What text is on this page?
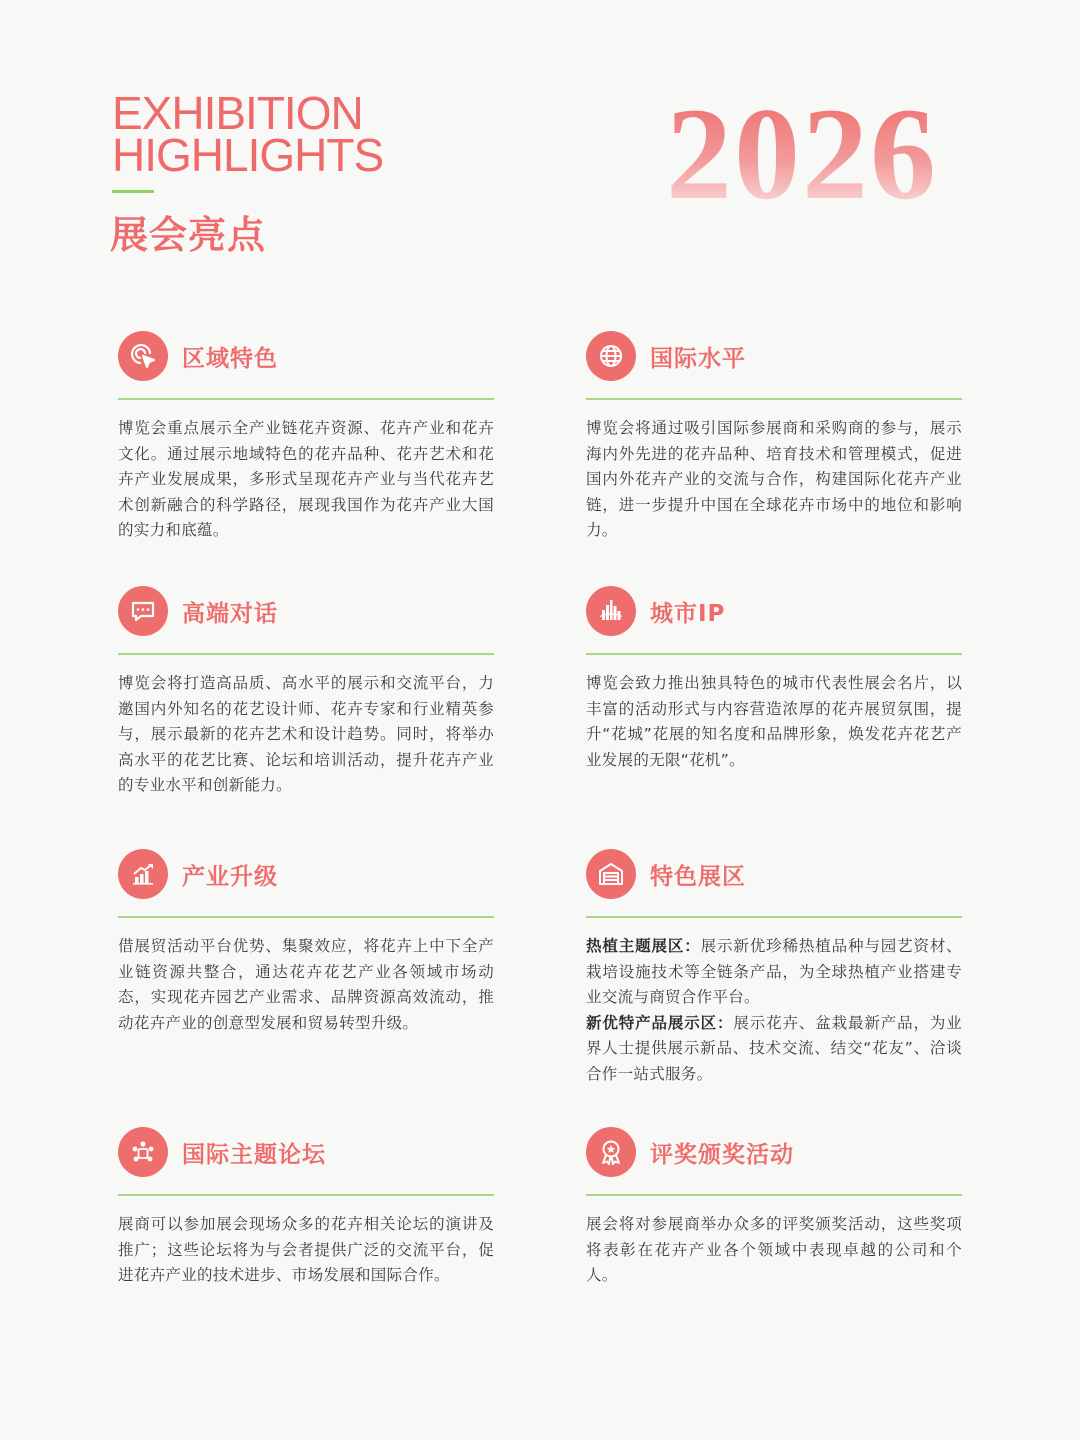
EXHIBITION
HIGHLIGHTS
展会亮点
2026
区域特色
博览会重点展示全产业链花卉资源、花卉产业和花卉文化。通过展示地域特色的花卉品种、花卉艺术和花卉产业发展成果，多形式呈现花卉产业与当代花卉艺术创新融合的科学路径，展现我国作为花卉产业大国的实力和底蕴。
国际水平
博览会将通过吸引国际参展商和采购商的参与，展示海内外先进的花卉品种、培育技术和管理模式，促进国内外花卉产业的交流与合作，构建国际化花卉产业链，进一步提升中国在全球花卉市场中的地位和影响力。
高端对话
博览会将打造高品质、高水平的展示和交流平台，力邀国内外知名的花艺设计师、花卉专家和行业精英参与，展示最新的花卉艺术和设计趋势。同时，将举办高水平的花艺比赛、论坛和培训活动，提升花卉产业的专业水平和创新能力。
城市IP
博览会致力推出独具特色的城市代表性展会名片，以丰富的活动形式与内容营造浓厚的花卉展贸氛围，提升“花城”花展的知名度和品牌形象，焕发花卉花艺产业发展的无限“花机”。
产业升级
借展贸活动平台优势、集聚效应，将花卉上中下全产业链资源共整合，通达花卉花艺产业各领域市场动态，实现花卉园艺产业需求、品牌资源高效流动，推动花卉产业的创意型发展和贸易转型升级。
特色展区

热植主题展区：展示新优珍稀热植品种与园艺资材、栽培设施技术等全链条产品，为全球热植产业搭建专业交流与商贸合作平台。

新优特产品展示区：展示花卉、盆栽最新产品，为业界人士提供展示新品、技术交流、结交“花友”、洽谈合作一站式服务。

国际主题论坛
展商可以参加展会现场众多的花卉相关论坛的演讲及推广；这些论坛将为与会者提供广泛的交流平台，促进花卉产业的技术进步、市场发展和国际合作。
评奖颁奖活动
展会将对参展商举办众多的评奖颁奖活动，这些奖项将表彰在花卉产业各个领域中表现卓越的公司和个人。
